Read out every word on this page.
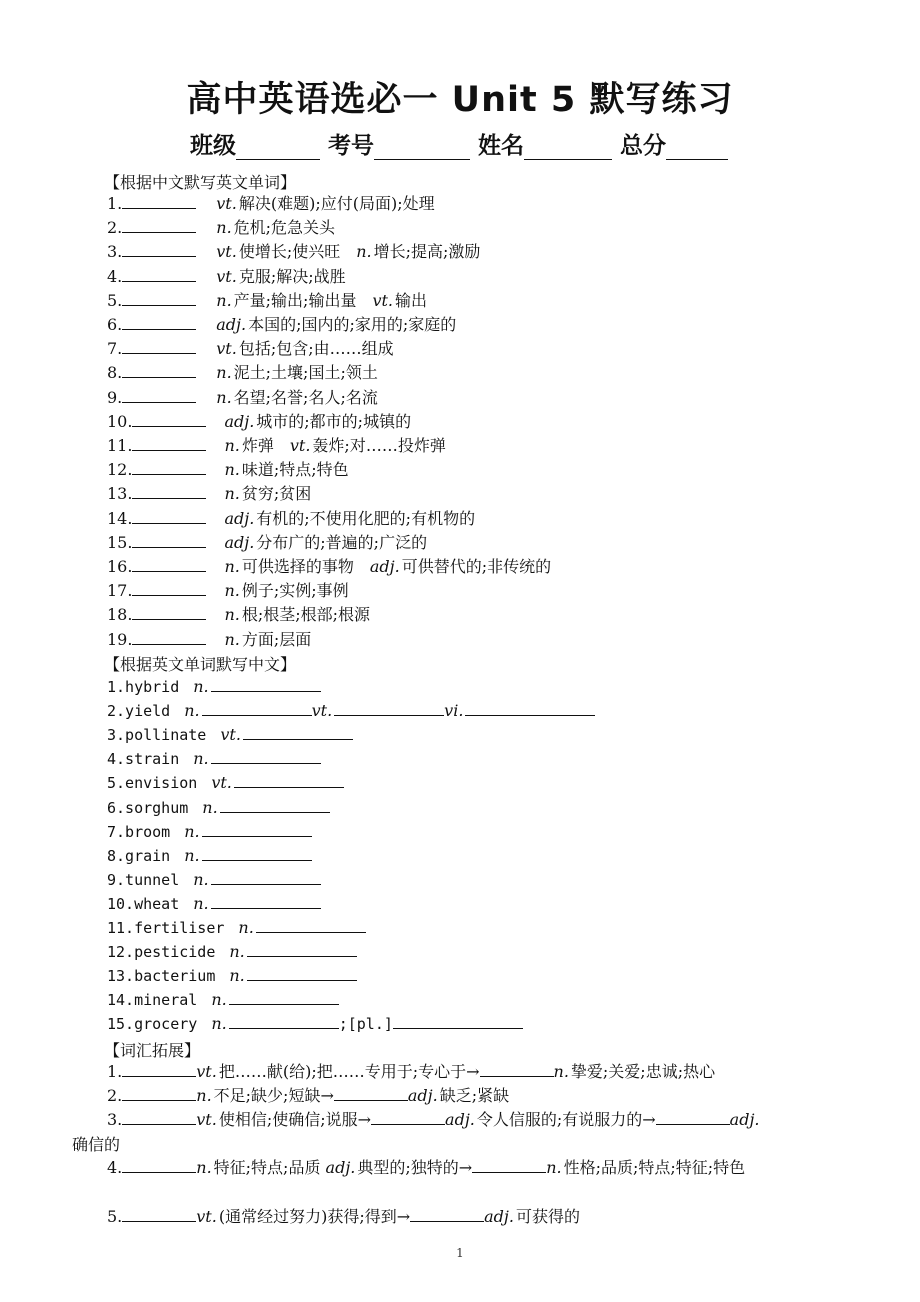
高中英语选必一 Unit 5 默写练习
班级	考号	姓名	总分
【根据中文默写英文单词】
1.	vt. 解决(难题);应付(局面);处理
2.	n. 危机;危急关头
3.	vt. 使增长;使兴旺 n. 增长;提高;激励
4.	vt. 克服;解决;战胜
5.	n. 产量;输出;输出量 vt. 输出
6.	adj. 本国的;国内的;家用的;家庭的
7.	vt. 包括;包含;由……组成
8.	n. 泥土;土壤;国土;领土
9.	n. 名望;名誉;名人;名流
10.	adj. 城市的;都市的;城镇的
11.	n. 炸弹 vt. 轰炸;对……投炸弹
12.	n. 味道;特点;特色
13.	n. 贫穷;贫困
14.	adj. 有机的;不使用化肥的;有机物的
15.	adj. 分布广的;普遍的;广泛的
16.	n. 可供选择的事物 adj. 可供替代的;非传统的
17.	n. 例子;实例;事例
18.	n. 根;根茎;根部;根源
19.	n. 方面;层面
【根据英文单词默写中文】
1.hybrid n.
2.yield n.	vt.	vi.
3.pollinate vt.
4.strain n.
5.envision vt.
6.sorghum n.
7.broom n.
8.grain n.
9.tunnel n.
10.wheat n.
11.fertiliser n.
12.pesticide n.
13.bacterium n.
14.mineral n.
15.grocery n.	;[pl.]
【词汇拓展】
1.	vt. 把……献(给);把……专用于;专心于→	n. 挚爱;关爱;忠诚;热心
2.	n. 不足;缺少;短缺→	adj. 缺乏;紧缺
3.	vt. 使相信;使确信;说服→	adj. 令人信服的;有说服力的→	adj.
确信的
4.	n. 特征;特点;品质 adj. 典型的;独特的→	n. 性格;品质;特点;特征;特色
5.	vt. (通常经过努力)获得;得到→	adj. 可获得的
1
